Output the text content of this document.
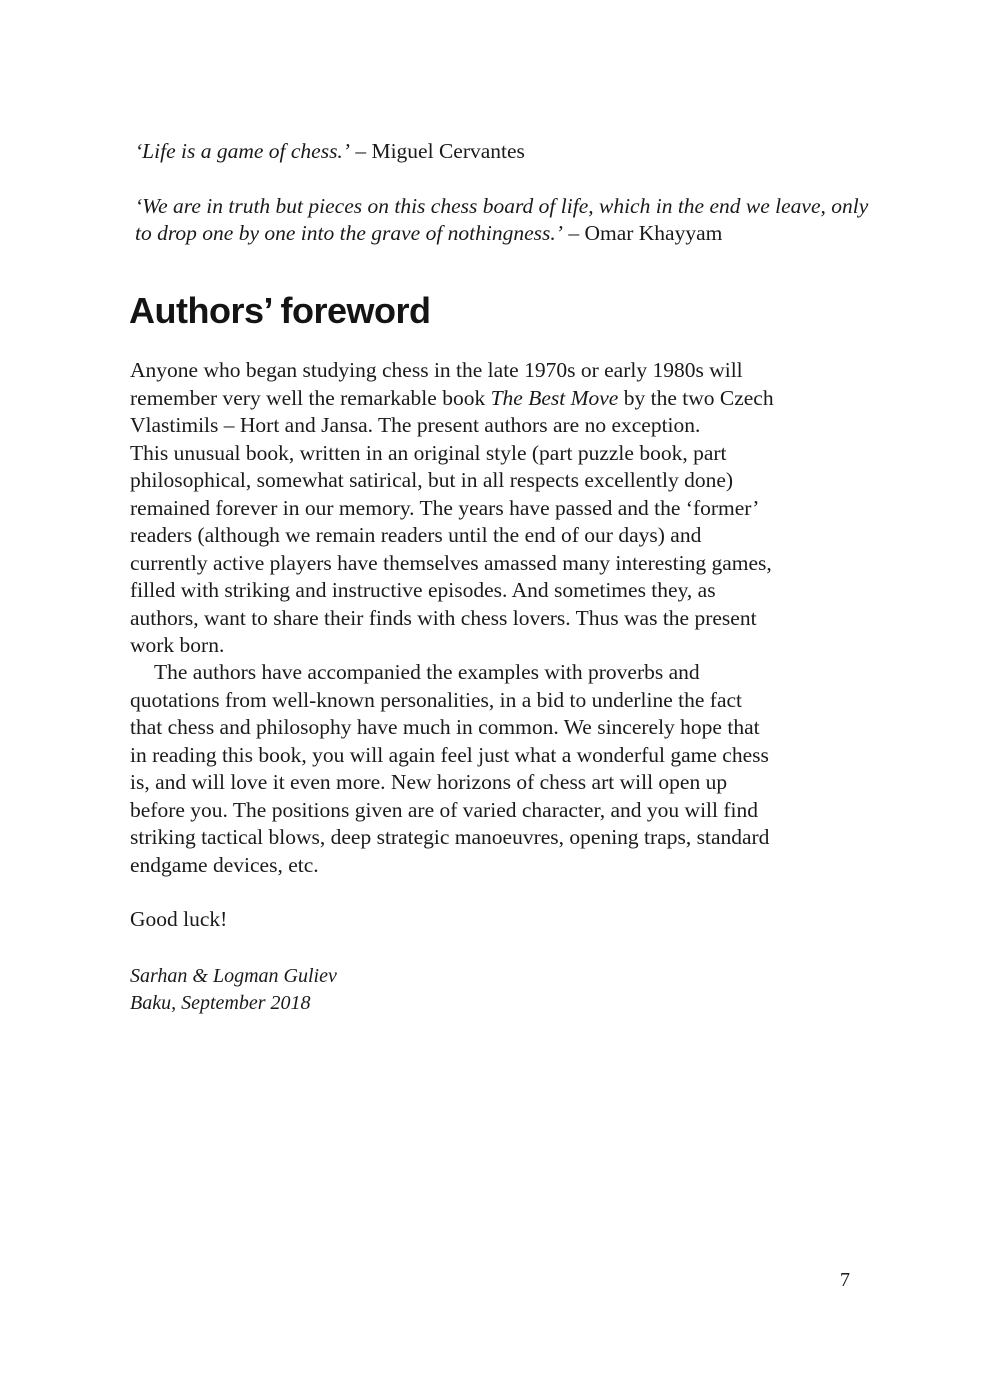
‘Life is a game of chess.’ – Miguel Cervantes
‘We are in truth but pieces on this chess board of life, which in the end we leave, only
to drop one by one into the grave of nothingness.’ – Omar Khayyam
Authors’ foreword
Anyone who began studying chess in the late 1970s or early 1980s will
remember very well the remarkable book The Best Move by the two Czech
Vlastimils – Hort and Jansa. The present authors are no exception.
This unusual book, written in an original style (part puzzle book, part
philosophical, somewhat satirical, but in all respects excellently done)
remained forever in our memory. The years have passed and the ‘former’
readers (although we remain readers until the end of our days) and
currently active players have themselves amassed many interesting games,
filled with striking and instructive episodes. And sometimes they, as
authors, want to share their finds with chess lovers. Thus was the present
work born.
The authors have accompanied the examples with proverbs and
quotations from well-known personalities, in a bid to underline the fact
that chess and philosophy have much in common. We sincerely hope that
in reading this book, you will again feel just what a wonderful game chess
is, and will love it even more. New horizons of chess art will open up
before you. The positions given are of varied character, and you will find
striking tactical blows, deep strategic manoeuvres, opening traps, standard
endgame devices, etc.
Good luck!
Sarhan & Logman Guliev
Baku, September 2018
7
